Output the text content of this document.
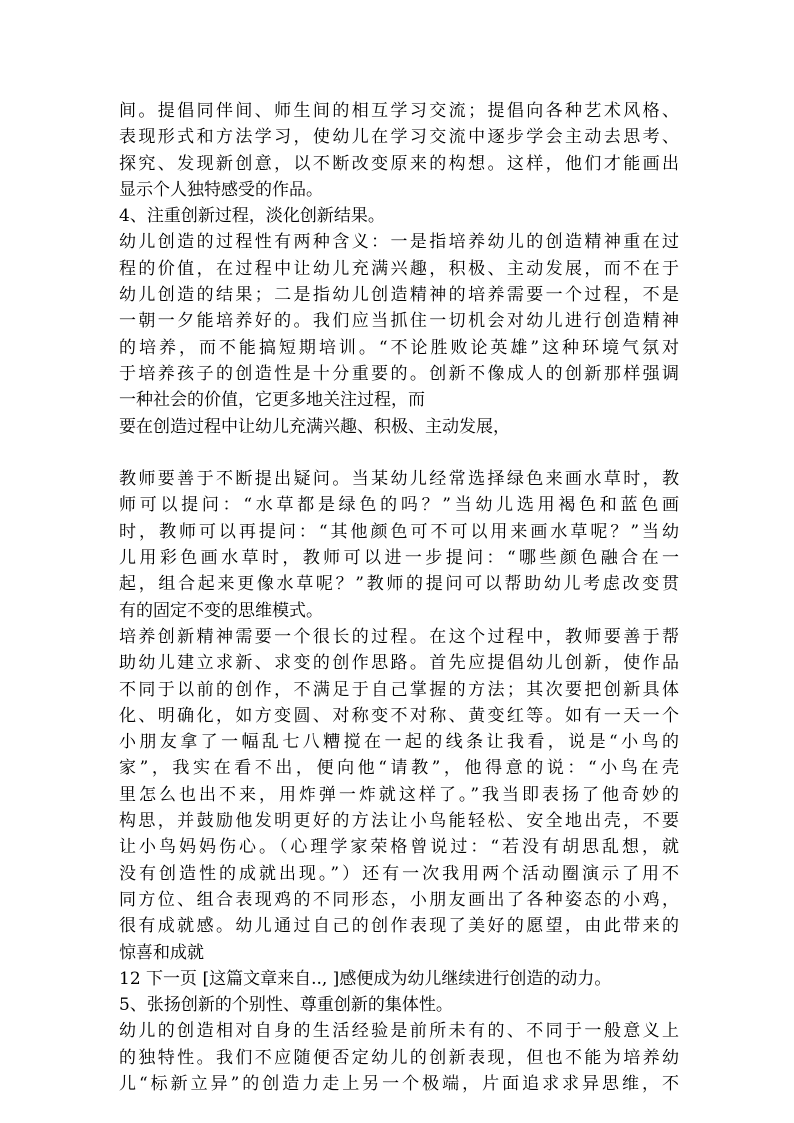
间。提倡同伴间、师生间的相互学习交流；提倡向各种艺术风格、
表现形式和方法学习，使幼儿在学习交流中逐步学会主动去思考、
探究、发现新创意，以不断改变原来的构想。这样，他们才能画出
显示个人独特感受的作品。
4、注重创新过程，淡化创新结果。
幼儿创造的过程性有两种含义：一是指培养幼儿的创造精神重在过
程的价值，在过程中让幼儿充满兴趣，积极、主动发展，而不在于
幼儿创造的结果；二是指幼儿创造精神的培养需要一个过程，不是
一朝一夕能培养好的。我们应当抓住一切机会对幼儿进行创造精神
的培养，而不能搞短期培训。“不论胜败论英雄”这种环境气氛对
于培养孩子的创造性是十分重要的。创新不像成人的创新那样强调
一种社会的价值，它更多地关注过程，而
要在创造过程中让幼儿充满兴趣、积极、主动发展，
教师要善于不断提出疑问。当某幼儿经常选择绿色来画水草时，教
师可以提问：“水草都是绿色的吗？”当幼儿选用褐色和蓝色画
时，教师可以再提问：“其他颜色可不可以用来画水草呢？”当幼
儿用彩色画水草时，教师可以进一步提问：“哪些颜色融合在一
起，组合起来更像水草呢？”教师的提问可以帮助幼儿考虑改变贯
有的固定不变的思维模式。
培养创新精神需要一个很长的过程。在这个过程中，教师要善于帮
助幼儿建立求新、求变的创作思路。首先应提倡幼儿创新，使作品
不同于以前的创作，不满足于自己掌握的方法；其次要把创新具体
化、明确化，如方变圆、对称变不对称、黄变红等。如有一天一个
小朋友拿了一幅乱七八糟搅在一起的线条让我看，说是“小鸟的
家”，我实在看不出，便向他“请教”，他得意的说：“小鸟在壳
里怎么也出不来，用炸弹一炸就这样了。”我当即表扬了他奇妙的
构思，并鼓励他发明更好的方法让小鸟能轻松、安全地出壳，不要
让小鸟妈妈伤心。（心理学家荣格曾说过：“若没有胡思乱想，就
没有创造性的成就出现。”）还有一次我用两个活动圈演示了用不
同方位、组合表现鸡的不同形态，小朋友画出了各种姿态的小鸡，
很有成就感。幼儿通过自己的创作表现了美好的愿望，由此带来的
惊喜和成就
12 下一页 [这篇文章来自.., ]感便成为幼儿继续进行创造的动力。
5、张扬创新的个别性、尊重创新的集体性。
幼儿的创造相对自身的生活经验是前所未有的、不同于一般意义上
的独特性。我们不应随便否定幼儿的创新表现，但也不能为培养幼
儿“标新立异”的创造力走上另一个极端，片面追求求异思维，不
